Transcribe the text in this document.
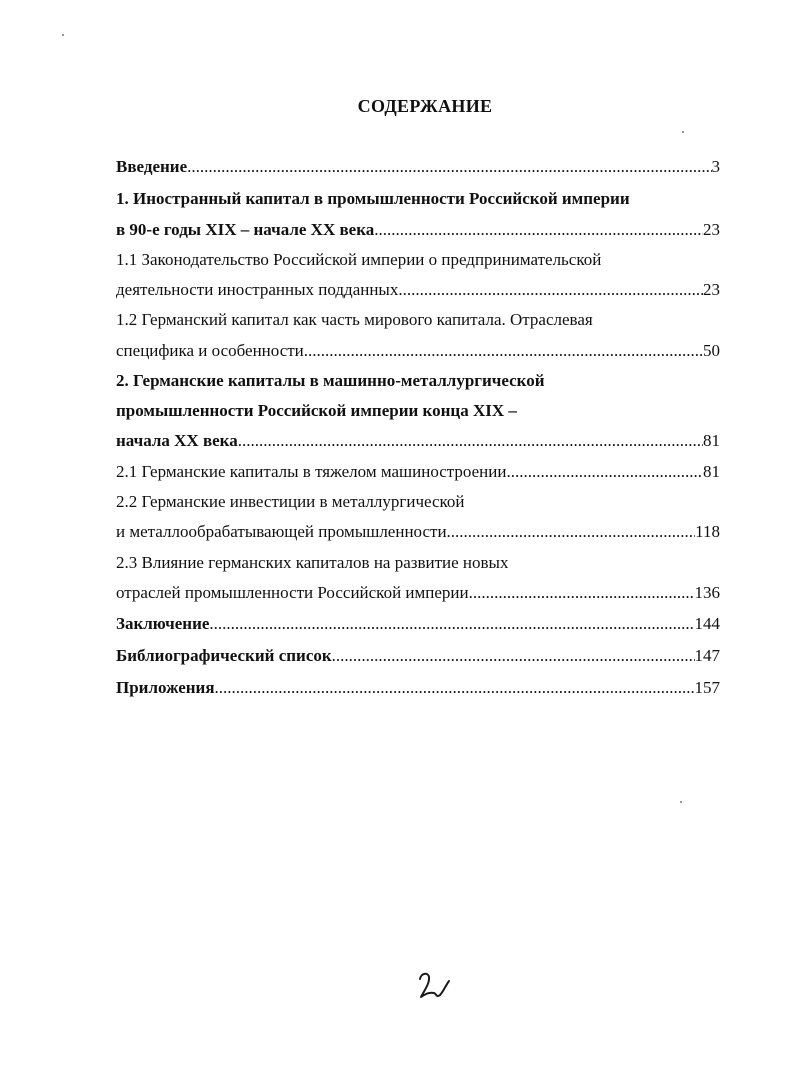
СОДЕРЖАНИЕ
Введение .....	3
1. Иностранный капитал в промышленности Российской империи
в 90-е годы XIX – начале XX века .....	23
1.1 Законодательство Российской империи о предпринимательской
деятельности иностранных подданных .....	23
1.2 Германский капитал как часть мирового капитала. Отраслевая
специфика и особенности .....	50
2. Германские капиталы в машинно-металлургической
промышленности Российской империи конца XIX –
начала XX века .....	81
2.1 Германские капиталы в тяжелом машиностроении .....	81
2.2 Германские инвестиции в металлургической
и металлообрабатывающей промышленности .....	118
2.3 Влияние германских капиталов на развитие новых
отраслей промышленности Российской империи .....	136
Заключение .....	144
Библиографический список .....	147
Приложения .....	157
